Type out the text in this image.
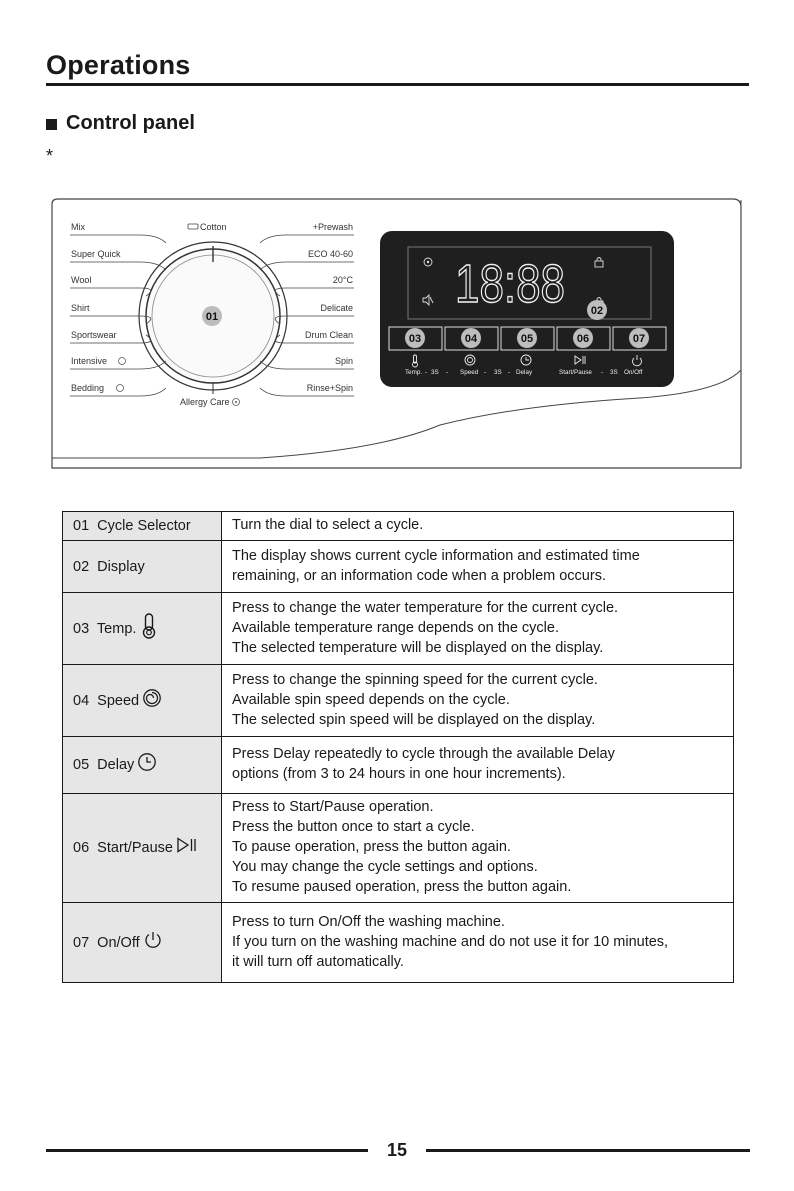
Operations
Control panel
*
Mix
Super Quick
Wool
Shirt
Sportswear
Intensive
Bedding
+Prewash
ECO 40-60
20°C
Delicate
Drum Clean
Spin
Rinse+Spin
Cotton
Allergy Care
01
18:88 02
03	04	05	06	07
Temp. - 3S - Speed - 3S - Delay	Start/Pause - 3S On/Off
01  Cycle Selector	Turn the dial to select a cycle.

02  Display	The display shows current cycle information and estimated time
remaining, or an information code when a problem occurs.

03  Temp.	Press to change the water temperature for the current cycle.
Available temperature range depends on the cycle.
The selected temperature will be displayed on the display.

04  Speed	Press to change the spinning speed for the current cycle.
Available spin speed depends on the cycle.
The selected spin speed will be displayed on the display.

05  Delay	Press Delay repeatedly to cycle through the available Delay
options (from 3 to 24 hours in one hour increments).

06  Start/Pause	Press to Start/Pause operation.
Press the button once to start a cycle.
To pause operation, press the button again.
You may change the cycle settings and options.
To resume paused operation, press the button again.

07  On/Off	Press to turn On/Off the washing machine.
If you turn on the washing machine and do not use it for 10 minutes,
it will turn off automatically.
15
